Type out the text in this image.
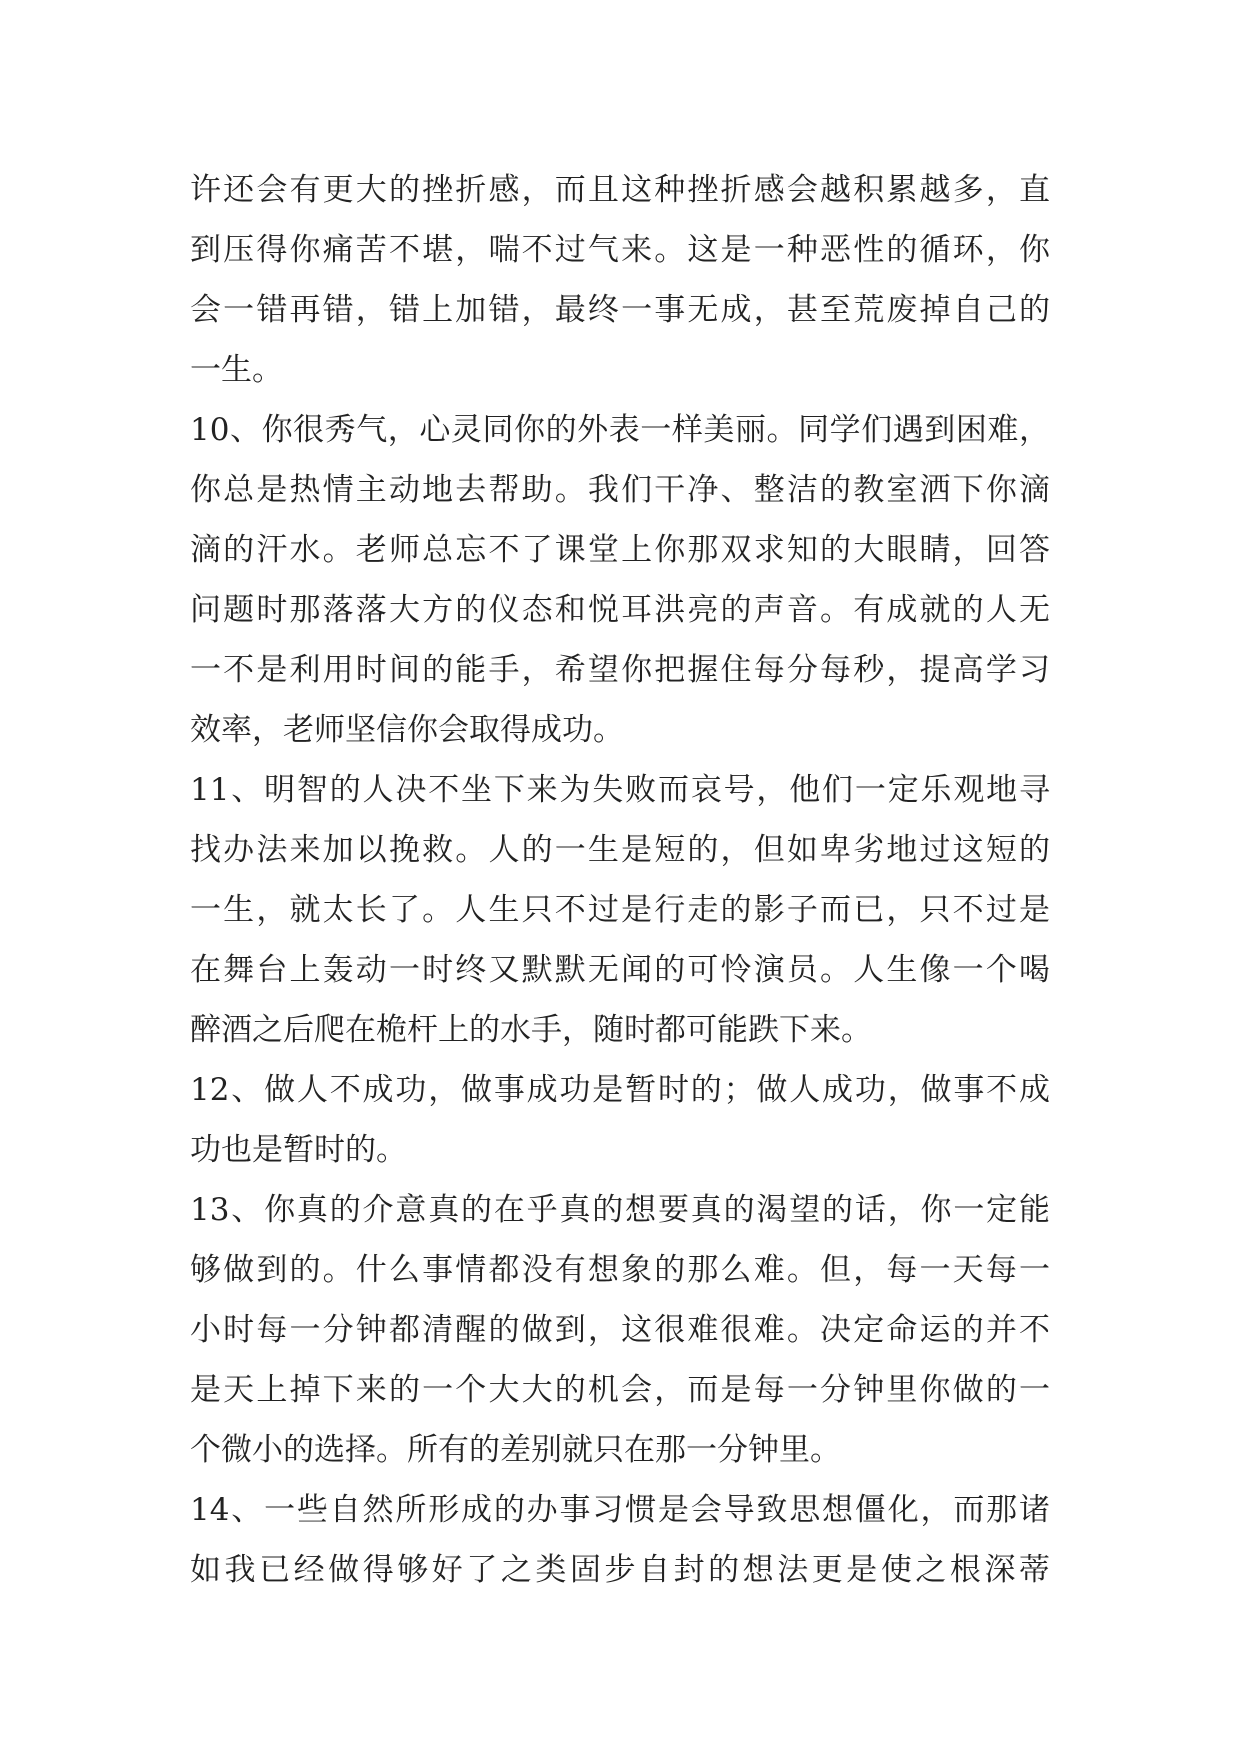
许还会有更大的挫折感，而且这种挫折感会越积累越多，直
到压得你痛苦不堪，喘不过气来。这是一种恶性的循环，你
会一错再错，错上加错，最终一事无成，甚至荒废掉自己的
一生。
10、你很秀气，心灵同你的外表一样美丽。同学们遇到困难，
你总是热情主动地去帮助。我们干净、整洁的教室洒下你滴
滴的汗水。老师总忘不了课堂上你那双求知的大眼睛，回答
问题时那落落大方的仪态和悦耳洪亮的声音。有成就的人无
一不是利用时间的能手，希望你把握住每分每秒，提高学习
效率，老师坚信你会取得成功。
11、明智的人决不坐下来为失败而哀号，他们一定乐观地寻
找办法来加以挽救。人的一生是短的，但如卑劣地过这短的
一生，就太长了。人生只不过是行走的影子而已，只不过是
在舞台上轰动一时终又默默无闻的可怜演员。人生像一个喝
醉酒之后爬在桅杆上的水手，随时都可能跌下来。
12、做人不成功，做事成功是暂时的；做人成功，做事不成
功也是暂时的。
13、你真的介意真的在乎真的想要真的渴望的话，你一定能
够做到的。什么事情都没有想象的那么难。但，每一天每一
小时每一分钟都清醒的做到，这很难很难。决定命运的并不
是天上掉下来的一个大大的机会，而是每一分钟里你做的一
个微小的选择。所有的差别就只在那一分钟里。
14、一些自然所形成的办事习惯是会导致思想僵化，而那诸
如我已经做得够好了之类固步自封的想法更是使之根深蒂
